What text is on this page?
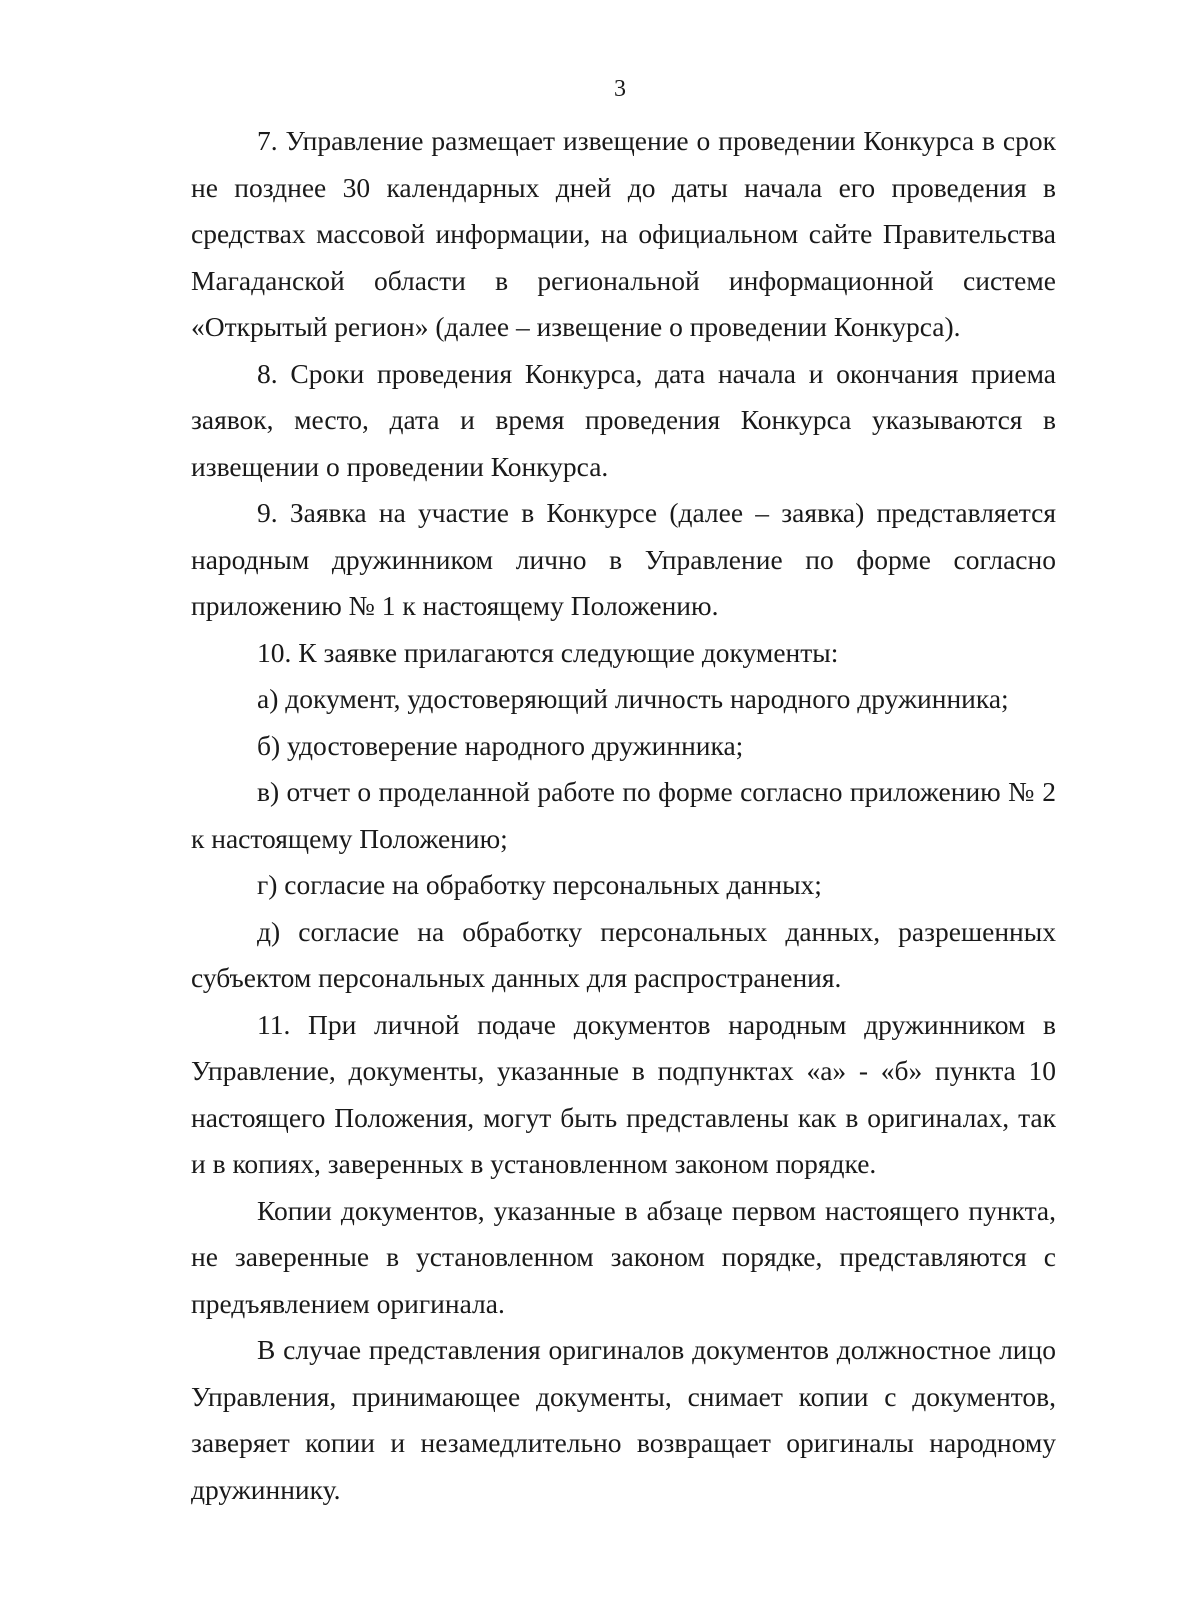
3

7. Управление размещает извещение о проведении Конкурса в срок не позднее 30 календарных дней до даты начала его проведения в средствах массовой информации, на официальном сайте Правительства Магаданской области в региональной информационной системе «Открытый регион» (далее – извещение о проведении Конкурса).

8. Сроки проведения Конкурса, дата начала и окончания приема заявок, место, дата и время проведения Конкурса указываются в извещении о проведении Конкурса.

9. Заявка на участие в Конкурсе (далее – заявка) представляется народным дружинником лично в Управление по форме согласно приложению № 1 к настоящему Положению.

10. К заявке прилагаются следующие документы:

а) документ, удостоверяющий личность народного дружинника;

б) удостоверение народного дружинника;

в) отчет о проделанной работе по форме согласно приложению № 2 к настоящему Положению;

г) согласие на обработку персональных данных;

д) согласие на обработку персональных данных, разрешенных субъектом персональных данных для распространения.

11. При личной подаче документов народным дружинником в Управление, документы, указанные в подпунктах «а» - «б» пункта 10 настоящего Положения, могут быть представлены как в оригиналах, так и в копиях, заверенных в установленном законом порядке.

Копии документов, указанные в абзаце первом настоящего пункта, не заверенные в установленном законом порядке, представляются с предъявлением оригинала.

В случае представления оригиналов документов должностное лицо Управления, принимающее документы, снимает копии с документов, заверяет копии и незамедлительно возвращает оригиналы народному дружиннику.
